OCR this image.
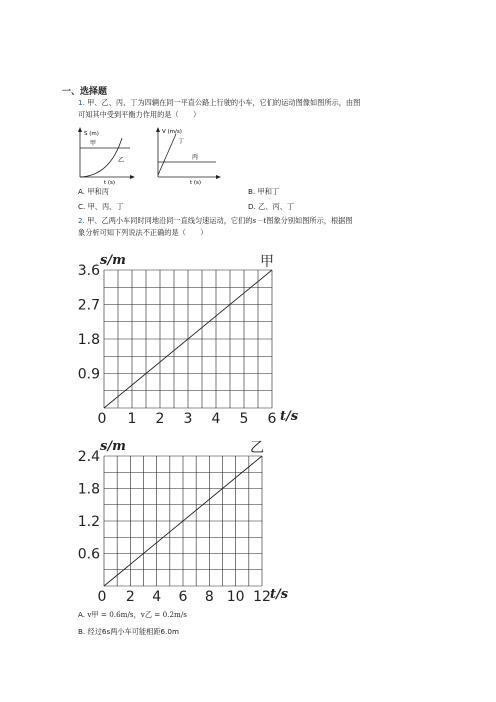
一、选择题
1. 甲、乙、丙、丁为四辆在同一平直公路上行驶的小车，它们的运动图像如图所示，由图
可知其中受到平衡力作用的是（　　）
S (m)
t (s)
甲
乙
V (m/s)
t (s)
丁
丙
A. 甲和丙	B. 甲和丁
C. 甲、丙、丁	D. 乙、丙、丁
2. 甲、乙两小车同时同地沿同一直线匀速运动，它们的s－t图象分别如图所示，根据图
象分析可知下列说法不正确的是（　　）
0.9
1.8
2.7
3.6
0 1 2 3 4 5 6
s/m
t/s
甲
0.6
1.2
1.8
2.4
0 2 4 6 8 10 12
s/m
t/s
乙
A. v甲 = 0.6m/s，v乙 = 0.2m/s
B. 经过6s两小车可能相距6.0m
